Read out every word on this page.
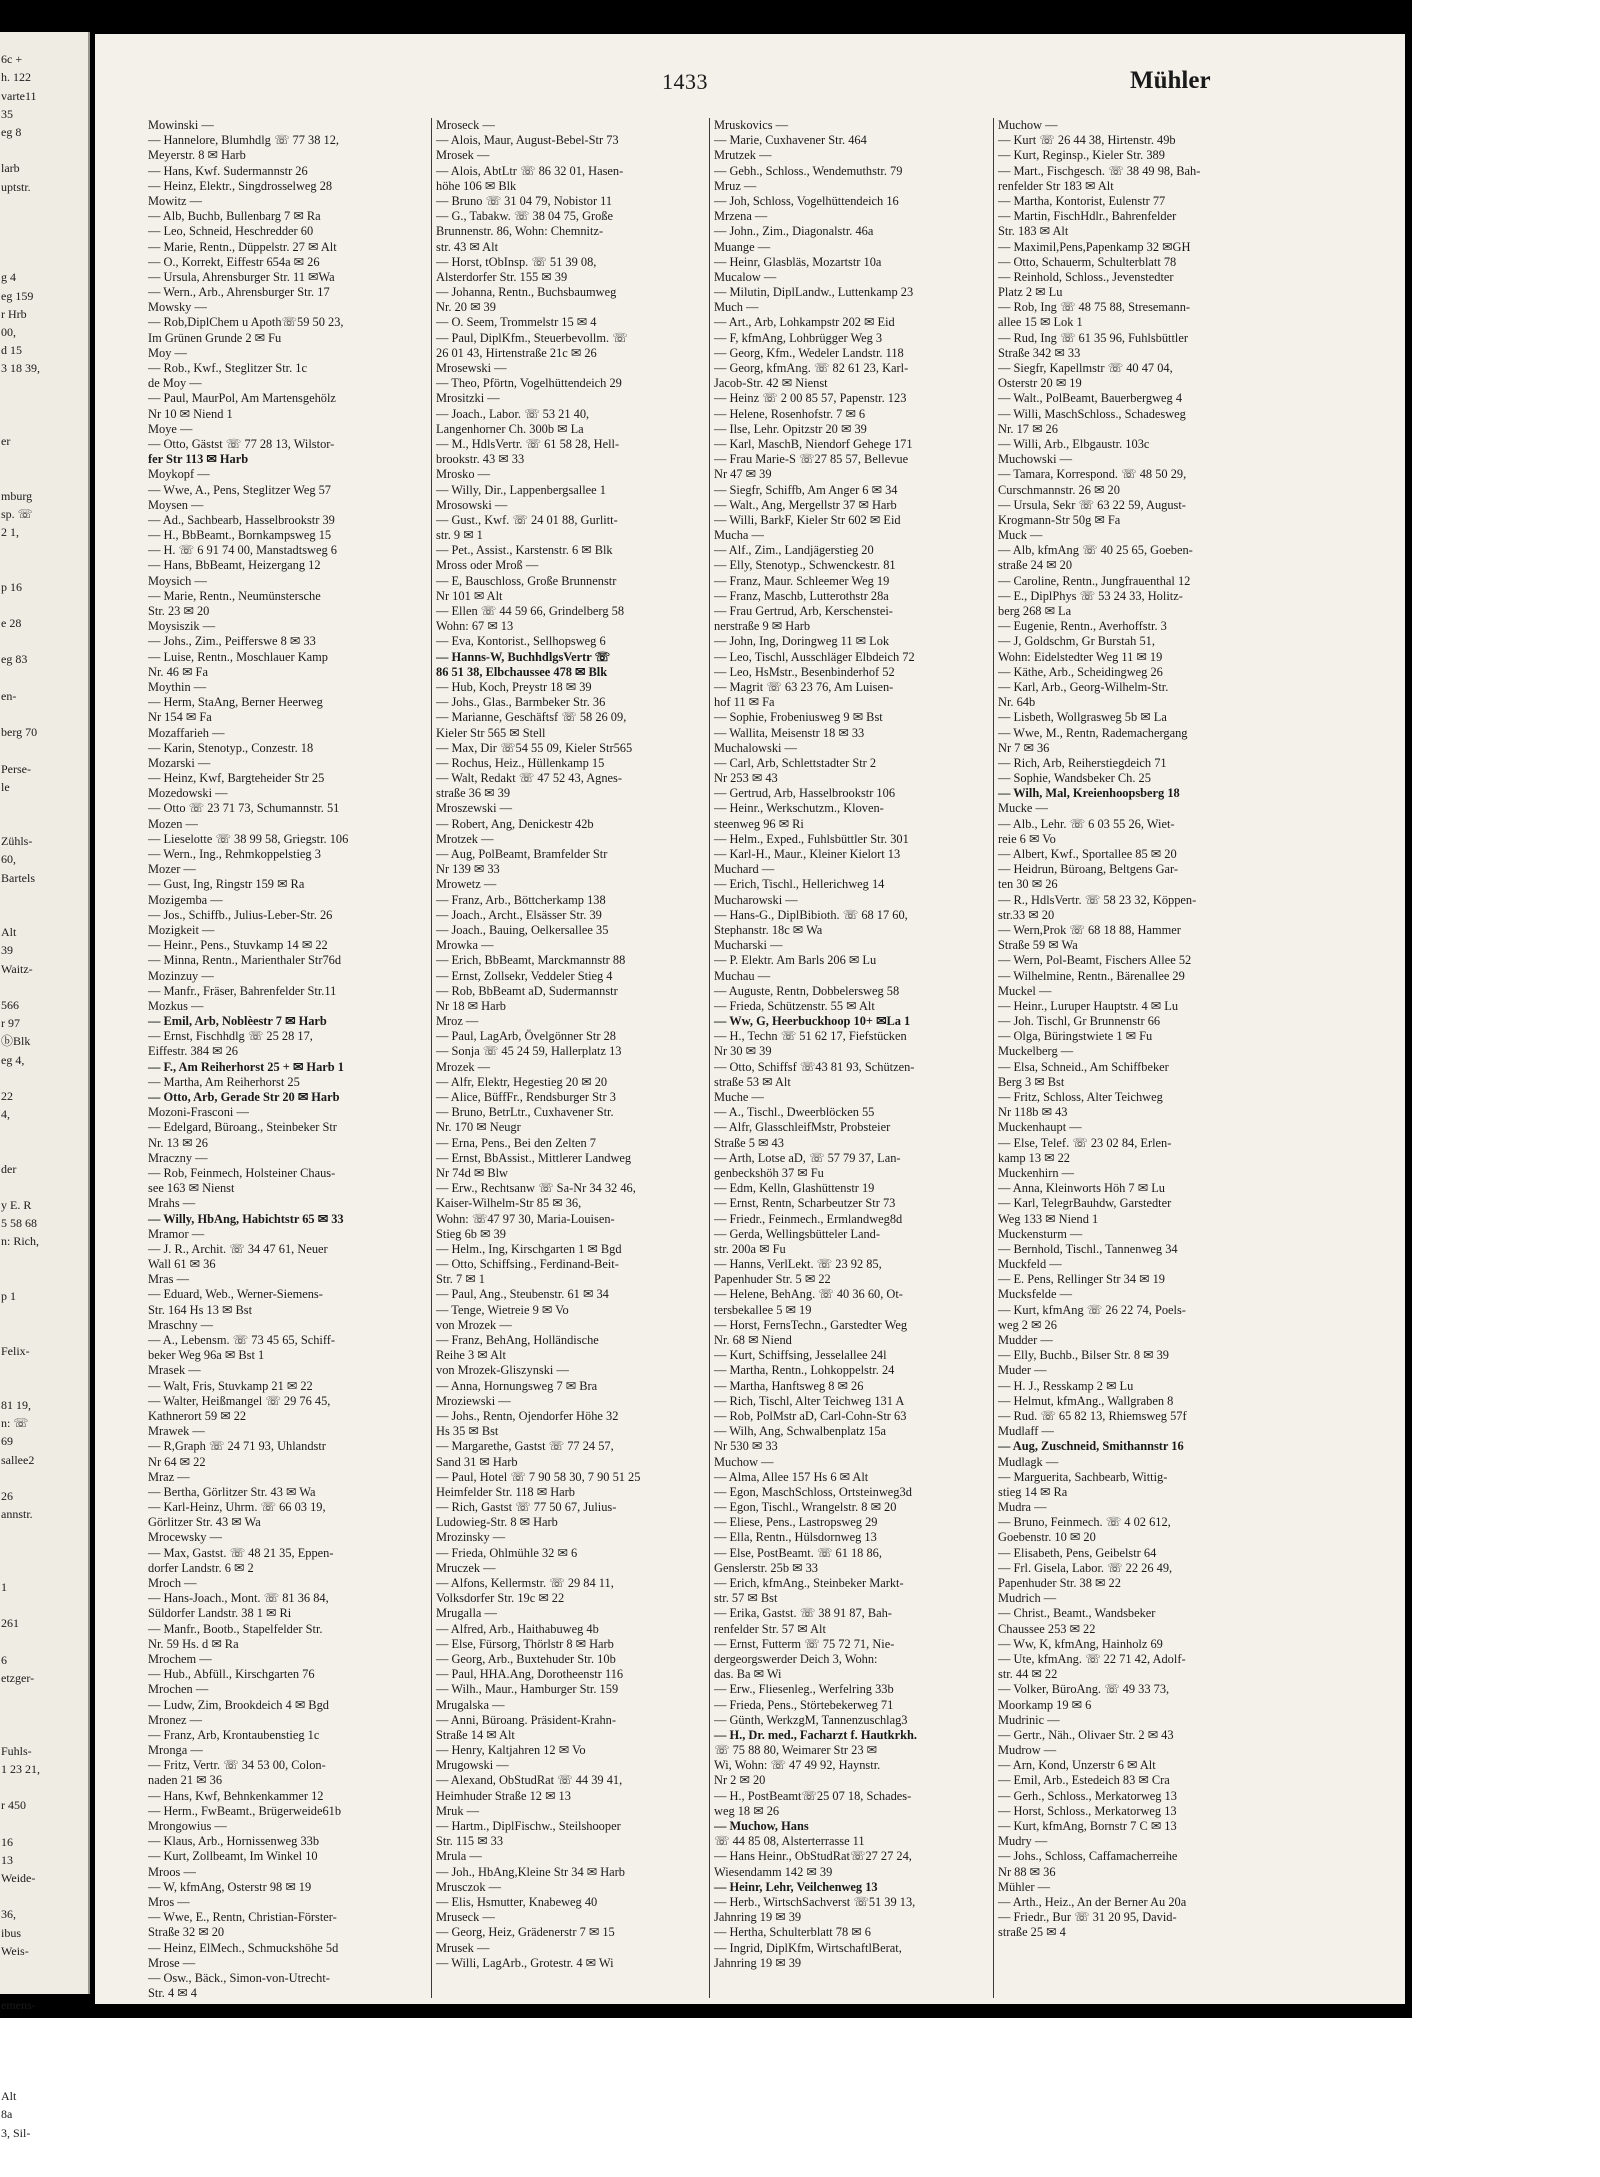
6c +
h. 122
varte11
35
eg 8
larb
uptstr.
g 4
eg 159
r Hrb
00,
d 15
3 18 39,
er
mburg
sp. ☏
2 1,
p 16
e 28
eg 83
en-
berg 70
Perse-
le
Zühls-
60,
Bartels
Alt
39
Waitz-
566
r 97
ⓑBlk
eg 4,
22
4,
der
y E. R
5 58 68
n: Rich,
p 1
Felix-
81 19,
n: ☏
69
sallee2
26
annstr.
1
261
6
etzger-
Fuhls-
1 23 21,
r 450
16
13
Weide-
36,
ibus
Weis-
emens-
Alt
8a
3, Sil-
1433	Mühler
Mowinski —
— Hannelore, Blumhdlg ☏ 77 38 12,
Meyerstr. 8 ✉ Harb
— Hans, Kwf. Sudermannstr 26
— Heinz, Elektr., Singdrosselweg 28
Mowitz —
— Alb, Buchb, Bullenbarg 7 ✉ Ra
— Leo, Schneid, Heschredder 60
— Marie, Rentn., Düppelstr. 27 ✉ Alt
— O., Korrekt, Eiffestr 654a ✉ 26
— Ursula, Ahrensburger Str. 11 ✉Wa
— Wern., Arb., Ahrensburger Str. 17
Mowsky —
— Rob,DiplChem u Apoth☏59 50 23,
Im Grünen Grunde 2 ✉ Fu
Moy —
— Rob., Kwf., Steglitzer Str. 1c
de Moy —
— Paul, MaurPol, Am Martensgehölz
Nr 10 ✉ Niend 1
Moye —
— Otto, Gästst ☏ 77 28 13, Wilstor-
fer Str 113 ✉ Harb
Moykopf —
— Wwe, A., Pens, Steglitzer Weg 57
Moysen —
— Ad., Sachbearb, Hasselbrookstr 39
— H., BbBeamt., Bornkampsweg 15
— H. ☏ 6 91 74 00, Manstadtsweg 6
— Hans, BbBeamt, Heizergang 12
Moysich —
— Marie, Rentn., Neumünstersche
Str. 23 ✉ 20
Moysiszik —
— Johs., Zim., Peifferswe 8 ✉ 33
— Luise, Rentn., Moschlauer Kamp
Nr. 46 ✉ Fa
Moythin —
— Herm, StaAng, Berner Heerweg
Nr 154 ✉ Fa
Mozaffarieh —
— Karin, Stenotyp., Conzestr. 18
Mozarski —
— Heinz, Kwf, Bargteheider Str 25
Mozedowski —
— Otto ☏ 23 71 73, Schumannstr. 51
Mozen —
— Lieselotte ☏ 38 99 58, Griegstr. 106
— Wern., Ing., Rehmkoppelstieg 3
Mozer —
— Gust, Ing, Ringstr 159 ✉ Ra
Mozigemba —
— Jos., Schiffb., Julius-Leber-Str. 26
Mozigkeit —
— Heinr., Pens., Stuvkamp 14 ✉ 22
— Minna, Rentn., Marienthaler Str76d
Mozinzuy —
— Manfr., Fräser, Bahrenfelder Str.11
Mozkus —
— Emil, Arb, Noblèestr 7 ✉ Harb
— Ernst, Fischhdlg ☏ 25 28 17,
Eiffestr. 384 ✉ 26
— F., Am Reiherhorst 25 + ✉ Harb 1
— Martha, Am Reiherhorst 25
— Otto, Arb, Gerade Str 20 ✉ Harb
Mozoni-Frasconi —
— Edelgard, Büroang., Steinbeker Str
Nr. 13 ✉ 26
Mraczny —
— Rob, Feinmech, Holsteiner Chaus-
see 163 ✉ Nienst
Mrahs —
— Willy, HbAng, Habichtstr 65 ✉ 33
Mramor —
— J. R., Archit. ☏ 34 47 61, Neuer
Wall 61 ✉ 36
Mras —
— Eduard, Web., Werner-Siemens-
Str. 164 Hs 13 ✉ Bst
Mraschny —
— A., Lebensm. ☏ 73 45 65, Schiff-
beker Weg 96a ✉ Bst 1
Mrasek —
— Walt, Fris, Stuvkamp 21 ✉ 22
— Walter, Heißmangel ☏ 29 76 45,
Kathnerort 59 ✉ 22
Mrawek —
— R,Graph ☏ 24 71 93, Uhlandstr
Nr 64 ✉ 22
Mraz —
— Bertha, Görlitzer Str. 43 ✉ Wa
— Karl-Heinz, Uhrm. ☏ 66 03 19,
Görlitzer Str. 43 ✉ Wa
Mrocewsky —
— Max, Gastst. ☏ 48 21 35, Eppen-
dorfer Landstr. 6 ✉ 2
Mroch —
— Hans-Joach., Mont. ☏ 81 36 84,
Süldorfer Landstr. 38 1 ✉ Ri
— Manfr., Bootb., Stapelfelder Str.
Nr. 59 Hs. d ✉ Ra
Mrochem —
— Hub., Abfüll., Kirschgarten 76
Mrochen —
— Ludw, Zim, Brookdeich 4 ✉ Bgd
Mronez —
— Franz, Arb, Krontaubenstieg 1c
Mronga —
— Fritz, Vertr. ☏ 34 53 00, Colon-
naden 21 ✉ 36
— Hans, Kwf, Behnkenkammer 12
— Herm., FwBeamt., Brügerweide61b
Mrongowius —
— Klaus, Arb., Hornissenweg 33b
— Kurt, Zollbeamt, Im Winkel 10
Mroos —
— W, kfmAng, Osterstr 98 ✉ 19
Mros —
— Wwe, E., Rentn, Christian-Förster-
Straße 32 ✉ 20
— Heinz, ElMech., Schmuckshöhe 5d
Mrose —
— Osw., Bäck., Simon-von-Utrecht-
Str. 4 ✉ 4
Mroseck —
— Alois, Maur, August-Bebel-Str 73
Mrosek —
— Alois, AbtLtr ☏ 86 32 01, Hasen-
höhe 106 ✉ Blk
— Bruno ☏ 31 04 79, Nobistor 11
— G., Tabakw. ☏ 38 04 75, Große
Brunnenstr. 86, Wohn: Chemnitz-
str. 43 ✉ Alt
— Horst, tObInsp. ☏ 51 39 08,
Alsterdorfer Str. 155 ✉ 39
— Johanna, Rentn., Buchsbaumweg
Nr. 20 ✉ 39
— O. Seem, Trommelstr 15 ✉ 4
— Paul, DiplKfm., Steuerbevollm. ☏
26 01 43, Hirtenstraße 21c ✉ 26
Mrosewski —
— Theo, Pförtn, Vogelhüttendeich 29
Mrositzki —
— Joach., Labor. ☏ 53 21 40,
Langenhorner Ch. 300b ✉ La
— M., HdlsVertr. ☏ 61 58 28, Hell-
brookstr. 43 ✉ 33
Mrosko —
— Willy, Dir., Lappenbergsallee 1
Mrosowski —
— Gust., Kwf. ☏ 24 01 88, Gurlitt-
str. 9 ✉ 1
— Pet., Assist., Karstenstr. 6 ✉ Blk
Mross oder Mroß —
— E, Bauschloss, Große Brunnenstr
Nr 101 ✉ Alt
— Ellen ☏ 44 59 66, Grindelberg 58
Wohn: 67 ✉ 13
— Eva, Kontorist., Sellhopsweg 6
— Hanns-W, BuchhdlgsVertr ☏
86 51 38, Elbchaussee 478 ✉ Blk
— Hub, Koch, Preystr 18 ✉ 39
— Johs., Glas., Barmbeker Str. 36
— Marianne, Geschäftsf ☏ 58 26 09,
Kieler Str 565 ✉ Stell
— Max, Dir ☏54 55 09, Kieler Str565
— Rochus, Heiz., Hüllenkamp 15
— Walt, Redakt ☏ 47 52 43, Agnes-
straße 36 ✉ 39
Mroszewski —
— Robert, Ang, Denickestr 42b
Mrotzek —
— Aug, PolBeamt, Bramfelder Str
Nr 139 ✉ 33
Mrowetz —
— Franz, Arb., Böttcherkamp 138
— Joach., Archt., Elsässer Str. 39
— Joach., Bauing, Oelkersallee 35
Mrowka —
— Erich, BbBeamt, Marckmannstr 88
— Ernst, Zollsekr, Veddeler Stieg 4
— Rob, BbBeamt aD, Sudermannstr
Nr 18 ✉ Harb
Mroz —
— Paul, LagArb, Övelgönner Str 28
— Sonja ☏ 45 24 59, Hallerplatz 13
Mrozek —
— Alfr, Elektr, Hegestieg 20 ✉ 20
— Alice, BüffFr., Rendsburger Str 3
— Bruno, BetrLtr., Cuxhavener Str.
Nr. 170 ✉ Neugr
— Erna, Pens., Bei den Zelten 7
— Ernst, BbAssist., Mittlerer Landweg
Nr 74d ✉ Blw
— Erw., Rechtsanw ☏ Sa-Nr 34 32 46,
Kaiser-Wilhelm-Str 85 ✉ 36,
Wohn: ☏47 97 30, Maria-Louisen-
Stieg 6b ✉ 39
— Helm., Ing, Kirschgarten 1 ✉ Bgd
— Otto, Schiffsing., Ferdinand-Beit-
Str. 7 ✉ 1
— Paul, Ang., Steubenstr. 61 ✉ 34
— Tenge, Wietreie 9 ✉ Vo
von Mrozek —
— Franz, BehAng, Holländische
Reihe 3 ✉ Alt
von Mrozek-Gliszynski —
— Anna, Hornungsweg 7 ✉ Bra
Mroziewski —
— Johs., Rentn, Ojendorfer Höhe 32
Hs 35 ✉ Bst
— Margarethe, Gastst ☏ 77 24 57,
Sand 31 ✉ Harb
— Paul, Hotel ☏ 7 90 58 30, 7 90 51 25
Heimfelder Str. 118 ✉ Harb
— Rich, Gastst ☏ 77 50 67, Julius-
Ludowieg-Str. 8 ✉ Harb
Mrozinsky —
— Frieda, Ohlmühle 32 ✉ 6
Mruczek —
— Alfons, Kellermstr. ☏ 29 84 11,
Volksdorfer Str. 19c ✉ 22
Mrugalla —
— Alfred, Arb., Haithabuweg 4b
— Else, Fürsorg, Thörlstr 8 ✉ Harb
— Georg, Arb., Buxtehuder Str. 10b
— Paul, HHA.Ang, Dorotheenstr 116
— Wilh., Maur., Hamburger Str. 159
Mrugalska —
— Anni, Büroang. Präsident-Krahn-
Straße 14 ✉ Alt
— Henry, Kaltjahren 12 ✉ Vo
Mrugowski —
— Alexand, ObStudRat ☏ 44 39 41,
Heimhuder Straße 12 ✉ 13
Mruk —
— Hartm., DiplFischw., Steilshooper
Str. 115 ✉ 33
Mrula —
— Joh., HbAng,Kleine Str 34 ✉ Harb
Mrusczok —
— Elis, Hsmutter, Knabeweg 40
Mruseck —
— Georg, Heiz, Grädenerstr 7 ✉ 15
Mrusek —
— Willi, LagArb., Grotestr. 4 ✉ Wi
Mruskovics —
— Marie, Cuxhavener Str. 464
Mrutzek —
— Gebh., Schloss., Wendemuthstr. 79
Mruz —
— Joh, Schloss, Vogelhüttendeich 16
Mrzena —
— John., Zim., Diagonalstr. 46a
Muange —
— Heinr, Glasbläs, Mozartstr 10a
Mucalow —
— Milutin, DiplLandw., Luttenkamp 23
Much —
— Art., Arb, Lohkampstr 202 ✉ Eid
— F, kfmAng, Lohbrügger Weg 3
— Georg, Kfm., Wedeler Landstr. 118
— Georg, kfmAng. ☏ 82 61 23, Karl-
Jacob-Str. 42 ✉ Nienst
— Heinz ☏ 2 00 85 57, Papenstr. 123
— Helene, Rosenhofstr. 7 ✉ 6
— Ilse, Lehr. Opitzstr 20 ✉ 39
— Karl, MaschB, Niendorf Gehege 171
— Frau Marie-S ☏27 85 57, Bellevue
Nr 47 ✉ 39
— Siegfr, Schiffb, Am Anger 6 ✉ 34
— Walt., Ang, Mergellstr 37 ✉ Harb
— Willi, BarkF, Kieler Str 602 ✉ Eid
Mucha —
— Alf., Zim., Landjägerstieg 20
— Elly, Stenotyp., Schwenckestr. 81
— Franz, Maur. Schleemer Weg 19
— Franz, Maschb, Lutterothstr 28a
— Frau Gertrud, Arb, Kerschenstei-
nerstraße 9 ✉ Harb
— John, Ing, Doringweg 11 ✉ Lok
— Leo, Tischl, Ausschläger Elbdeich 72
— Leo, HsMstr., Besenbinderhof 52
— Magrit ☏ 63 23 76, Am Luisen-
hof 11 ✉ Fa
— Sophie, Frobeniusweg 9 ✉ Bst
— Wallita, Meisenstr 18 ✉ 33
Muchalowski —
— Carl, Arb, Schlettstadter Str 2
Nr 253 ✉ 43
— Gertrud, Arb, Hasselbrookstr 106
— Heinr., Werkschutzm., Kloven-
steenweg 96 ✉ Ri
— Helm., Exped., Fuhlsbüttler Str. 301
— Karl-H., Maur., Kleiner Kielort 13
Muchard —
— Erich, Tischl., Hellerichweg 14
Mucharowski —
— Hans-G., DiplBibioth. ☏ 68 17 60,
Stephanstr. 18c ✉ Wa
Mucharski —
— P. Elektr. Am Barls 206 ✉ Lu
Muchau —
— Auguste, Rentn, Dobbelersweg 58
— Frieda, Schützenstr. 55 ✉ Alt
— Ww, G, Heerbuckhoop 10+ ✉La 1
— H., Techn ☏ 51 62 17, Fiefstücken
Nr 30 ✉ 39
— Otto, Schiffsf ☏43 81 93, Schützen-
straße 53 ✉ Alt
Muche —
— A., Tischl., Dweerblöcken 55
— Alfr, GlasschleifMstr, Probsteier
Straße 5 ✉ 43
— Arth, Lotse aD, ☏ 57 79 37, Lan-
genbeckshöh 37 ✉ Fu
— Edm, Kelln, Glashüttenstr 19
— Ernst, Rentn, Scharbeutzer Str 73
— Friedr., Feinmech., Ermlandweg8d
— Gerda, Wellingsbütteler Land-
str. 200a ✉ Fu
— Hanns, VerlLekt. ☏ 23 92 85,
Papenhuder Str. 5 ✉ 22
— Helene, BehAng. ☏ 40 36 60, Ot-
tersbekallee 5 ✉ 19
— Horst, FernsTechn., Garstedter Weg
Nr. 68 ✉ Niend
— Kurt, Schiffsing, Jesselallee 24l
— Martha, Rentn., Lohkoppelstr. 24
— Martha, Hanftsweg 8 ✉ 26
— Rich, Tischl, Alter Teichweg 131 A
— Rob, PolMstr aD, Carl-Cohn-Str 63
— Wilh, Ang, Schwalbenplatz 15a
Nr 530 ✉ 33
Muchow —
— Alma, Allee 157 Hs 6 ✉ Alt
— Egon, MaschSchloss, Ortsteinweg3d
— Egon, Tischl., Wrangelstr. 8 ✉ 20
— Eliese, Pens., Lastropsweg 29
— Ella, Rentn., Hülsdornweg 13
— Else, PostBeamt. ☏ 61 18 86,
Genslerstr. 25b ✉ 33
— Erich, kfmAng., Steinbeker Markt-
str. 57 ✉ Bst
— Erika, Gastst. ☏ 38 91 87, Bah-
renfelder Str. 57 ✉ Alt
— Ernst, Futterm ☏ 75 72 71, Nie-
dergeorgswerder Deich 3, Wohn:
das. Ba ✉ Wi
— Erw., Fliesenleg., Werfelring 33b
— Frieda, Pens., Störtebekerweg 71
— Günth, WerkzgM, Tannenzuschlag3
— H., Dr. med., Facharzt f. Hautkrkh.
☏ 75 88 80, Weimarer Str 23 ✉
Wi, Wohn: ☏ 47 49 92, Haynstr.
Nr 2 ✉ 20
— H., PostBeamt☏25 07 18, Schades-
weg 18 ✉ 26
— Muchow, Hans
☏ 44 85 08, Alsterterrasse 11
— Hans Heinr., ObStudRat☏27 27 24,
Wiesendamm 142 ✉ 39
— Heinr, Lehr, Veilchenweg 13
— Herb., WirtschSachverst ☏51 39 13,
Jahnring 19 ✉ 39
— Hertha, Schulterblatt 78 ✉ 6
— Ingrid, DiplKfm, WirtschaftlBerat,
Jahnring 19 ✉ 39
Muchow —
— Kurt ☏ 26 44 38, Hirtenstr. 49b
— Kurt, Reginsp., Kieler Str. 389
— Mart., Fischgesch. ☏ 38 49 98, Bah-
renfelder Str 183 ✉ Alt
— Martha, Kontorist, Eulenstr 77
— Martin, FischHdlr., Bahrenfelder
Str. 183 ✉ Alt
— Maximil,Pens,Papenkamp 32 ✉GH
— Otto, Schauerm, Schulterblatt 78
— Reinhold, Schloss., Jevenstedter
Platz 2 ✉ Lu
— Rob, Ing ☏ 48 75 88, Stresemann-
allee 15 ✉ Lok 1
— Rud, Ing ☏ 61 35 96, Fuhlsbüttler
Straße 342 ✉ 33
— Siegfr, Kapellmstr ☏ 40 47 04,
Osterstr 20 ✉ 19
— Walt., PolBeamt, Bauerbergweg 4
— Willi, MaschSchloss., Schadesweg
Nr. 17 ✉ 26
— Willi, Arb., Elbgaustr. 103c
Muchowski —
— Tamara, Korrespond. ☏ 48 50 29,
Curschmannstr. 26 ✉ 20
— Ursula, Sekr ☏ 63 22 59, August-
Krogmann-Str 50g ✉ Fa
Muck —
— Alb, kfmAng ☏ 40 25 65, Goeben-
straße 24 ✉ 20
— Caroline, Rentn., Jungfrauenthal 12
— E., DiplPhys ☏ 53 24 33, Holitz-
berg 268 ✉ La
— Eugenie, Rentn., Averhoffstr. 3
— J, Goldschm, Gr Burstah 51,
Wohn: Eidelstedter Weg 11 ✉ 19
— Käthe, Arb., Scheidingweg 26
— Karl, Arb., Georg-Wilhelm-Str.
Nr. 64b
— Lisbeth, Wollgrasweg 5b ✉ La
— Wwe, M., Rentn, Rademachergang
Nr 7 ✉ 36
— Rich, Arb, Reiherstiegdeich 71
— Sophie, Wandsbeker Ch. 25
— Wilh, Mal, Kreienhoopsberg 18
Mucke —
— Alb., Lehr. ☏ 6 03 55 26, Wiet-
reie 6 ✉ Vo
— Albert, Kwf., Sportallee 85 ✉ 20
— Heidrun, Büroang, Beltgens Gar-
ten 30 ✉ 26
— R., HdlsVertr. ☏ 58 23 32, Köppen-
str.33 ✉ 20
— Wern,Prok ☏ 68 18 88, Hammer
Straße 59 ✉ Wa
— Wern, Pol-Beamt, Fischers Allee 52
— Wilhelmine, Rentn., Bärenallee 29
Muckel —
— Heinr., Luruper Hauptstr. 4 ✉ Lu
— Joh. Tischl, Gr Brunnenstr 66
— Olga, Büringstwiete 1 ✉ Fu
Muckelberg —
— Elsa, Schneid., Am Schiffbeker
Berg 3 ✉ Bst
— Fritz, Schloss, Alter Teichweg
Nr 118b ✉ 43
Muckenhaupt —
— Else, Telef. ☏ 23 02 84, Erlen-
kamp 13 ✉ 22
Muckenhirn —
— Anna, Kleinworts Höh 7 ✉ Lu
— Karl, TelegrBauhdw, Garstedter
Weg 133 ✉ Niend 1
Muckensturm —
— Bernhold, Tischl., Tannenweg 34
Muckfeld —
— E. Pens, Rellinger Str 34 ✉ 19
Mucksfelde —
— Kurt, kfmAng ☏ 26 22 74, Poels-
weg 2 ✉ 26
Mudder —
— Elly, Buchb., Bilser Str. 8 ✉ 39
Muder —
— H. J., Resskamp 2 ✉ Lu
— Helmut, kfmAng., Wallgraben 8
— Rud. ☏ 65 82 13, Rhiemsweg 57f
Mudlaff —
— Aug, Zuschneid, Smithannstr 16
Mudlagk —
— Marguerita, Sachbearb, Wittig-
stieg 14 ✉ Ra
Mudra —
— Bruno, Feinmech. ☏ 4 02 612,
Goebenstr. 10 ✉ 20
— Elisabeth, Pens, Geibelstr 64
— Frl. Gisela, Labor. ☏ 22 26 49,
Papenhuder Str. 38 ✉ 22
Mudrich —
— Christ., Beamt., Wandsbeker
Chaussee 253 ✉ 22
— Ww, K, kfmAng, Hainholz 69
— Ute, kfmAng. ☏ 22 71 42, Adolf-
str. 44 ✉ 22
— Volker, BüroAng. ☏ 49 33 73,
Moorkamp 19 ✉ 6
Mudrinic —
— Gertr., Näh., Olivaer Str. 2 ✉ 43
Mudrow —
— Arn, Kond, Unzerstr 6 ✉ Alt
— Emil, Arb., Estedeich 83 ✉ Cra
— Gerh., Schloss., Merkatorweg 13
— Horst, Schloss., Merkatorweg 13
— Kurt, kfmAng, Bornstr 7 C ✉ 13
Mudry —
— Johs., Schloss, Caffamacherreihe
Nr 88 ✉ 36
Mühler —
— Arth., Heiz., An der Berner Au 20a
— Friedr., Bur ☏ 31 20 95, David-
straße 25 ✉ 4
